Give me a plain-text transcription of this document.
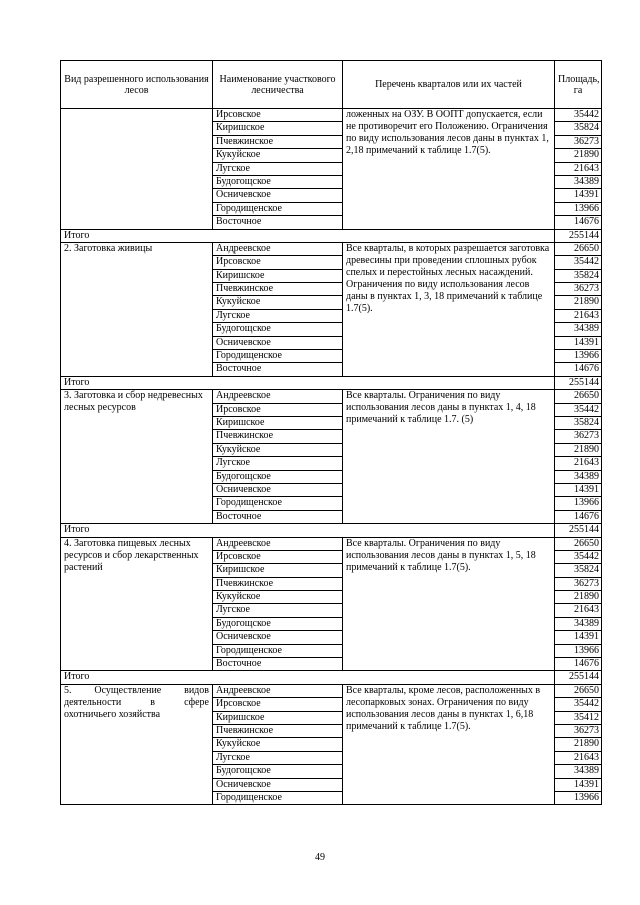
Вид разрешенного использования лесов	Наименование участкового лесничества	Перечень кварталов или их частей	Площадь, га
	Ирсовское	ложенных на ОЗУ. В ООПТ допускается, если не противоречит его Положению. Ограничения по виду использования лесов даны в пунктах 1, 2,18 примечаний к таблице 1.7(5).	35442
	Киришское		35824
	Пчевжинское		36273
	Кукуйское		21890
	Лугское		21643
	Будогощское		34389
	Осничевское		14391
	Городищенское		13966
	Восточное		14676
Итого			255144
2. Заготовка живицы	Андреевское	Все кварталы, в которых разрешается заготовка древесины при проведении сплошных рубок спелых и перестойных лесных насаждений. Ограничения по виду использования лесов даны в пунктах 1, 3, 18 примечаний к таблице 1.7(5).	26650
	Ирсовское		35442
	Киришское		35824
	Пчевжинское		36273
	Кукуйское		21890
	Лугское		21643
	Будогощское		34389
	Осничевское		14391
	Городищенское		13966
	Восточное		14676
Итого			255144
3. Заготовка и сбор недревесных лесных ресурсов	Андреевское	Все кварталы. Ограничения по виду использования лесов даны в пунктах 1, 4, 18 примечаний к таблице 1.7. (5)	26650
	Ирсовское		35442
	Киришское		35824
	Пчевжинское		36273
	Кукуйское		21890
	Лугское		21643
	Будогощское		34389
	Осничевское		14391
	Городищенское		13966
	Восточное		14676
Итого			255144
4. Заготовка пищевых лесных ресурсов и сбор лекарственных растений	Андреевское	Все кварталы. Ограничения по виду использования лесов даны в пунктах 1, 5, 18 примечаний к таблице 1.7(5).	26650
	Ирсовское		35442
	Киришское		35824
	Пчевжинское		36273
	Кукуйское		21890
	Лугское		21643
	Будогощское		34389
	Осничевское		14391
	Городищенское		13966
	Восточное		14676
Итого			255144
5. Осуществление видов деятельности в сфере охотничьего хозяйства	Андреевское	Все кварталы, кроме лесов, расположенных в лесопарковых зонах. Ограничения по виду использования лесов даны в пунктах 1, 6,18 примечаний к таблице 1.7(5).	26650
	Ирсовское		35442
	Киришское		35412
	Пчевжинское		36273
	Кукуйское		21890
	Лугское		21643
	Будогощское		34389
	Осничевское		14391
	Городищенское		13966
49
